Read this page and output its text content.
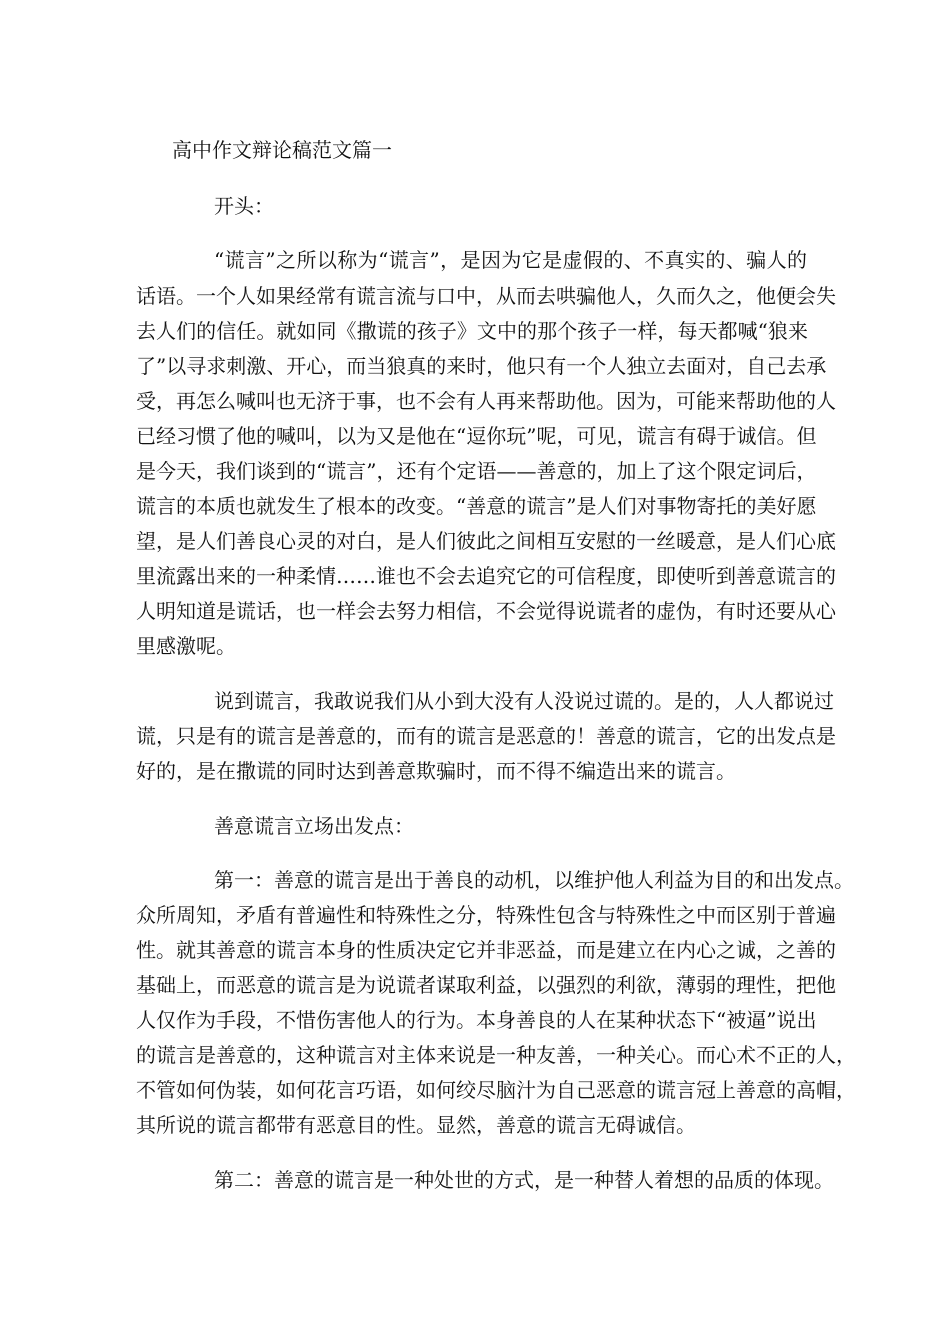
高中作文辩论稿范文篇一
开头：
“谎言”之所以称为“谎言”，是因为它是虚假的、不真实的、骗人的
话语。一个人如果经常有谎言流与口中，从而去哄骗他人，久而久之，他便会失
去人们的信任。就如同《撒谎的孩子》文中的那个孩子一样，每天都喊“狼来
了”以寻求刺激、开心，而当狼真的来时，他只有一个人独立去面对，自己去承
受，再怎么喊叫也无济于事，也不会有人再来帮助他。因为，可能来帮助他的人
已经习惯了他的喊叫，以为又是他在“逗你玩”呢，可见，谎言有碍于诚信。但
是今天，我们谈到的“谎言”，还有个定语——善意的，加上了这个限定词后，
谎言的本质也就发生了根本的改变。“善意的谎言”是人们对事物寄托的美好愿
望，是人们善良心灵的对白，是人们彼此之间相互安慰的一丝暖意，是人们心底
里流露出来的一种柔情……谁也不会去追究它的可信程度，即使听到善意谎言的
人明知道是谎话，也一样会去努力相信，不会觉得说谎者的虚伪，有时还要从心
里感激呢。
说到谎言，我敢说我们从小到大没有人没说过谎的。是的，人人都说过
谎，只是有的谎言是善意的，而有的谎言是恶意的！善意的谎言，它的出发点是
好的，是在撒谎的同时达到善意欺骗时，而不得不编造出来的谎言。
善意谎言立场出发点：
第一：善意的谎言是出于善良的动机，以维护他人利益为目的和出发点。
众所周知，矛盾有普遍性和特殊性之分，特殊性包含与特殊性之中而区别于普遍
性。就其善意的谎言本身的性质决定它并非恶益，而是建立在内心之诚，之善的
基础上，而恶意的谎言是为说谎者谋取利益，以强烈的利欲，薄弱的理性，把他
人仅作为手段，不惜伤害他人的行为。本身善良的人在某种状态下“被逼”说出
的谎言是善意的，这种谎言对主体来说是一种友善，一种关心。而心术不正的人，
不管如何伪装，如何花言巧语，如何绞尽脑汁为自己恶意的谎言冠上善意的高帽，
其所说的谎言都带有恶意目的性。显然，善意的谎言无碍诚信。
第二：善意的谎言是一种处世的方式，是一种替人着想的品质的体现。
